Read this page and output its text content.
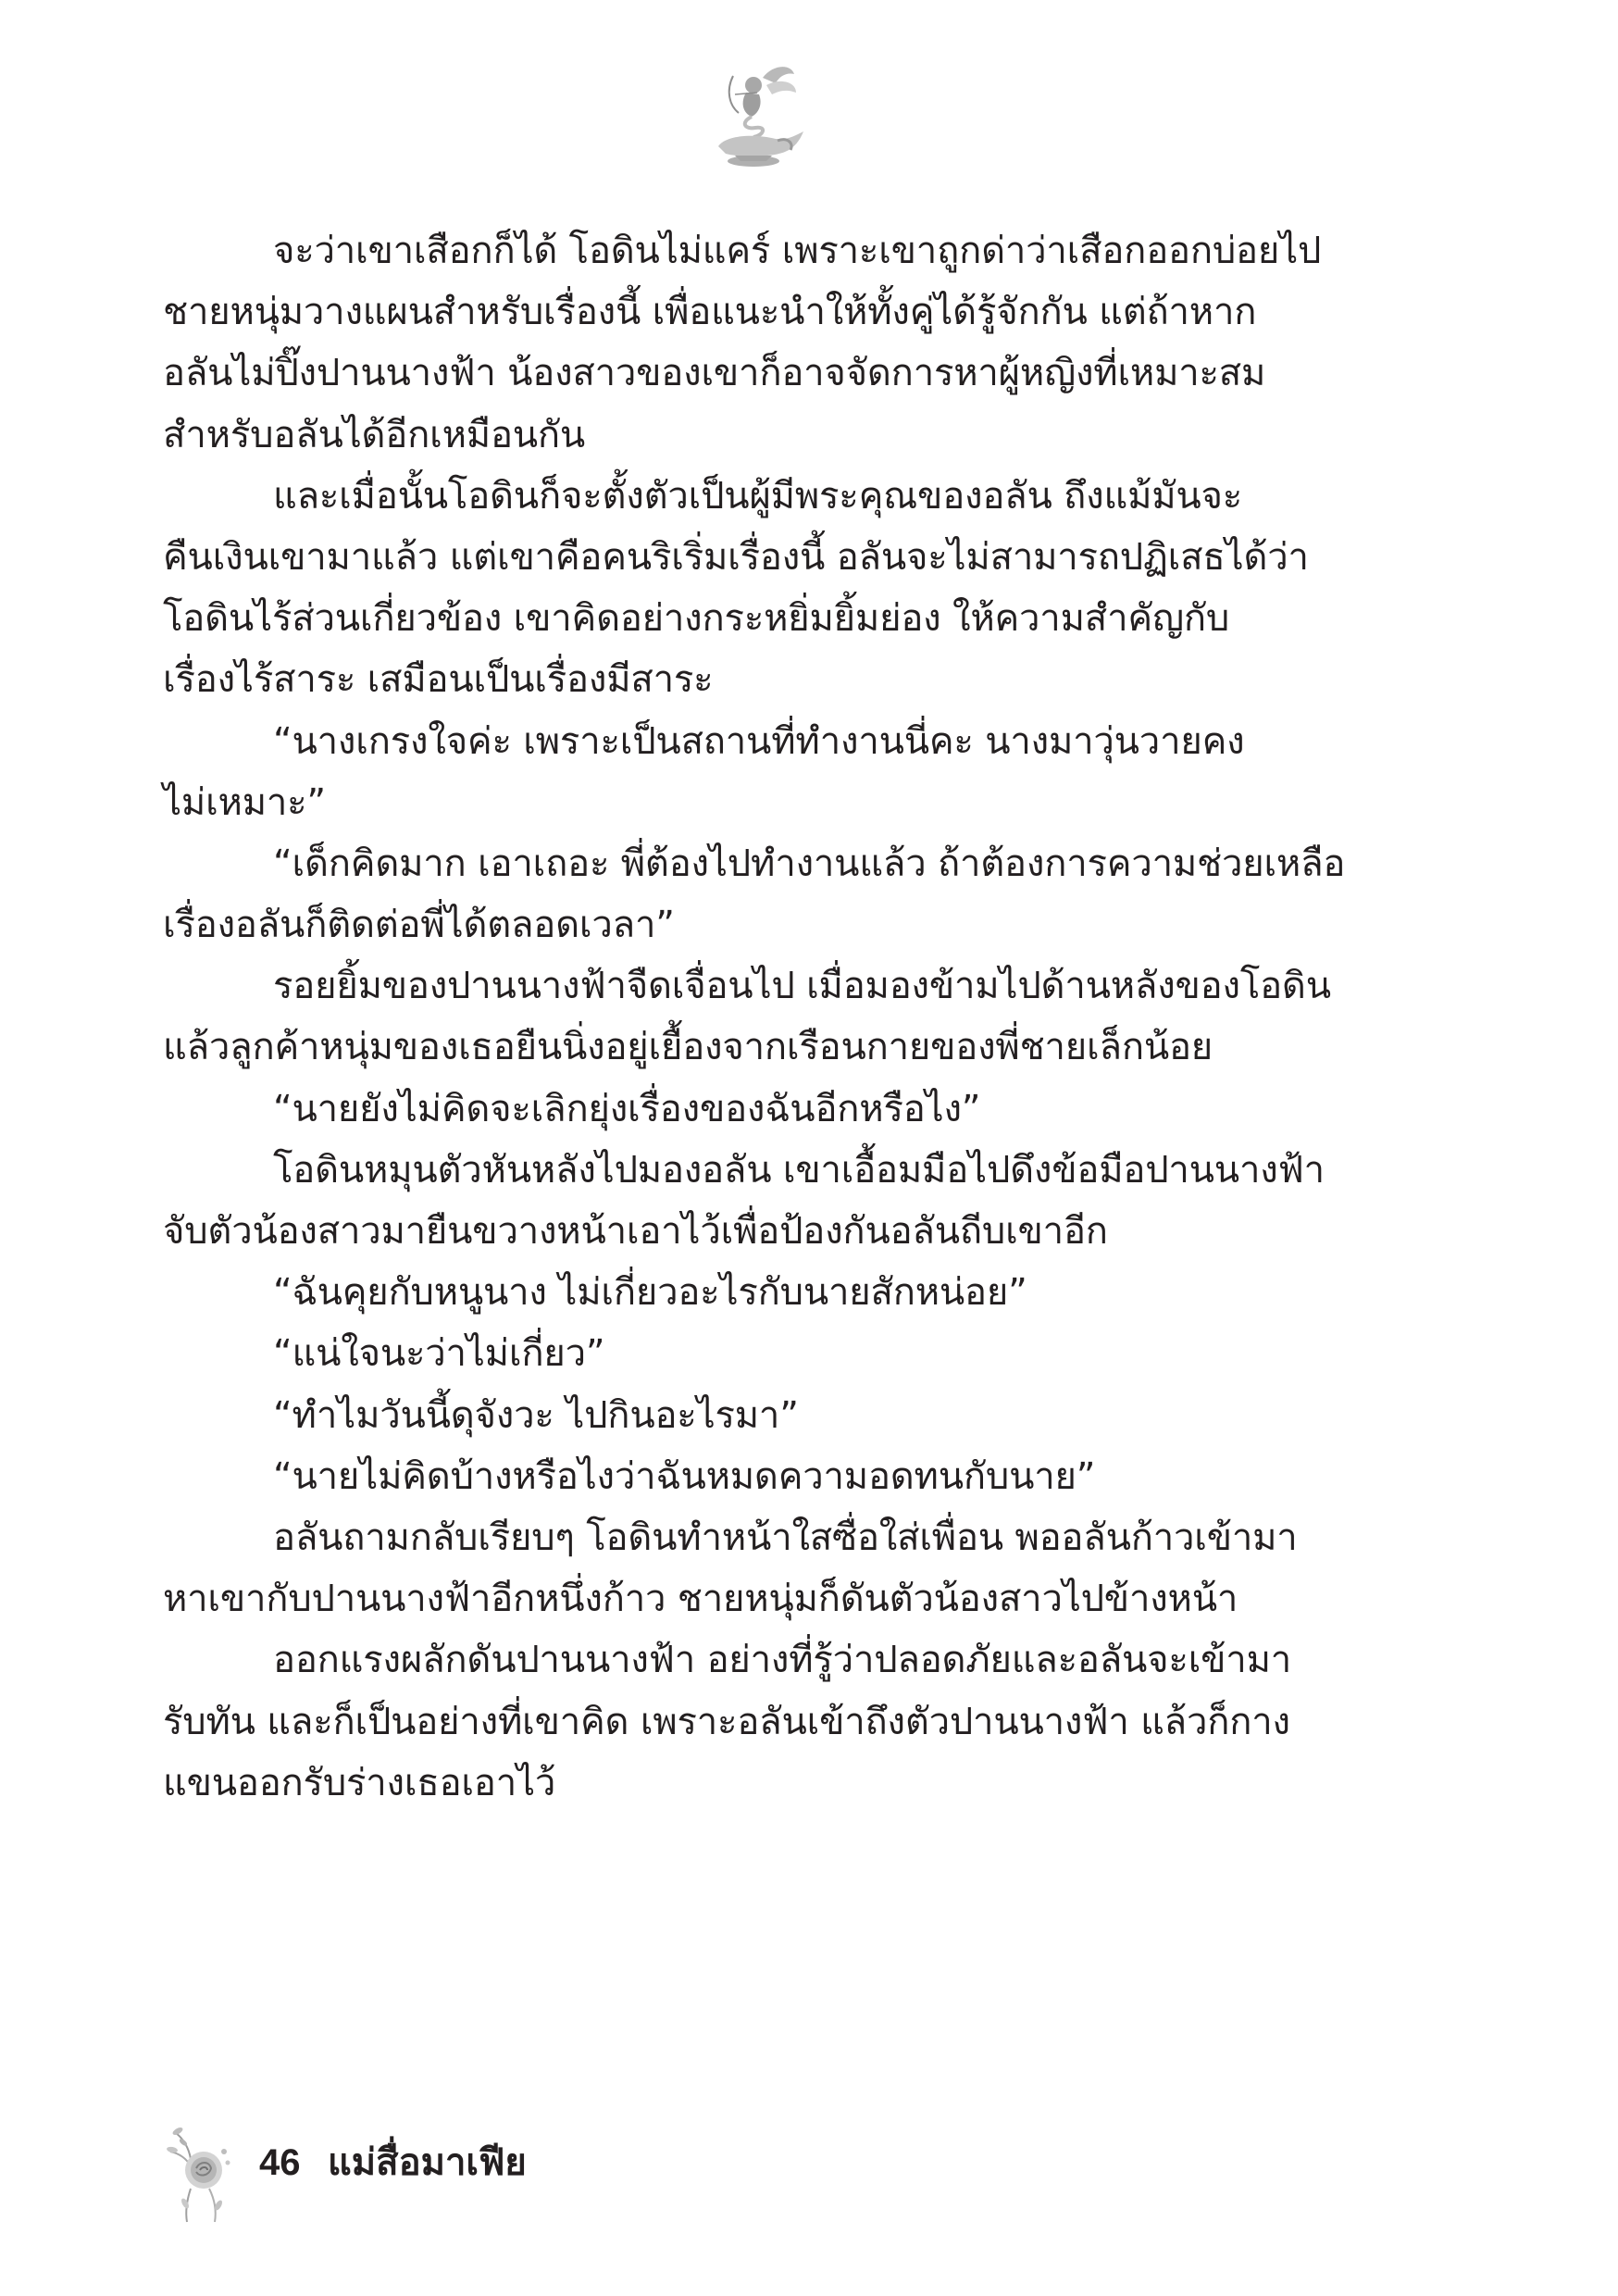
จะว่าเขาเสือกก็ได้ โอดินไม่แคร์ เพราะเขาถูกด่าว่าเสือกออกบ่อยไป
ชายหนุ่มวางแผนสำหรับเรื่องนี้ เพื่อแนะนำให้ทั้งคู่ได้รู้จักกัน แต่ถ้าหาก
อลันไม่ปิ๊งปานนางฟ้า น้องสาวของเขาก็อาจจัดการหาผู้หญิงที่เหมาะสม
สำหรับอลันได้อีกเหมือนกัน
และเมื่อนั้นโอดินก็จะตั้งตัวเป็นผู้มีพระคุณของอลัน ถึงแม้มันจะ
คืนเงินเขามาแล้ว แต่เขาคือคนริเริ่มเรื่องนี้ อลันจะไม่สามารถปฏิเสธได้ว่า
โอดินไร้ส่วนเกี่ยวข้อง เขาคิดอย่างกระหยิ่มยิ้มย่อง ให้ความสำคัญกับ
เรื่องไร้สาระ เสมือนเป็นเรื่องมีสาระ
“นางเกรงใจค่ะ เพราะเป็นสถานที่ทำงานนี่คะ นางมาวุ่นวายคง
ไม่เหมาะ”
“เด็กคิดมาก เอาเถอะ พี่ต้องไปทำงานแล้ว ถ้าต้องการความช่วยเหลือ
เรื่องอลันก็ติดต่อพี่ได้ตลอดเวลา”
รอยยิ้มของปานนางฟ้าจืดเจื่อนไป เมื่อมองข้ามไปด้านหลังของโอดิน
แล้วลูกค้าหนุ่มของเธอยืนนิ่งอยู่เยื้องจากเรือนกายของพี่ชายเล็กน้อย
“นายยังไม่คิดจะเลิกยุ่งเรื่องของฉันอีกหรือไง”
โอดินหมุนตัวหันหลังไปมองอลัน เขาเอื้อมมือไปดึงข้อมือปานนางฟ้า
จับตัวน้องสาวมายืนขวางหน้าเอาไว้เพื่อป้องกันอลันถีบเขาอีก
“ฉันคุยกับหนูนาง ไม่เกี่ยวอะไรกับนายสักหน่อย”
“แน่ใจนะว่าไม่เกี่ยว”
“ทำไมวันนี้ดุจังวะ ไปกินอะไรมา”
“นายไม่คิดบ้างหรือไงว่าฉันหมดความอดทนกับนาย”
อลันถามกลับเรียบๆ โอดินทำหน้าใสซื่อใส่เพื่อน พออลันก้าวเข้ามา
หาเขากับปานนางฟ้าอีกหนึ่งก้าว ชายหนุ่มก็ดันตัวน้องสาวไปข้างหน้า
ออกแรงผลักดันปานนางฟ้า อย่างที่รู้ว่าปลอดภัยและอลันจะเข้ามา
รับทัน และก็เป็นอย่างที่เขาคิด เพราะอลันเข้าถึงตัวปานนางฟ้า แล้วก็กาง
แขนออกรับร่างเธอเอาไว้
46 แม่สื่อมาเฟีย
